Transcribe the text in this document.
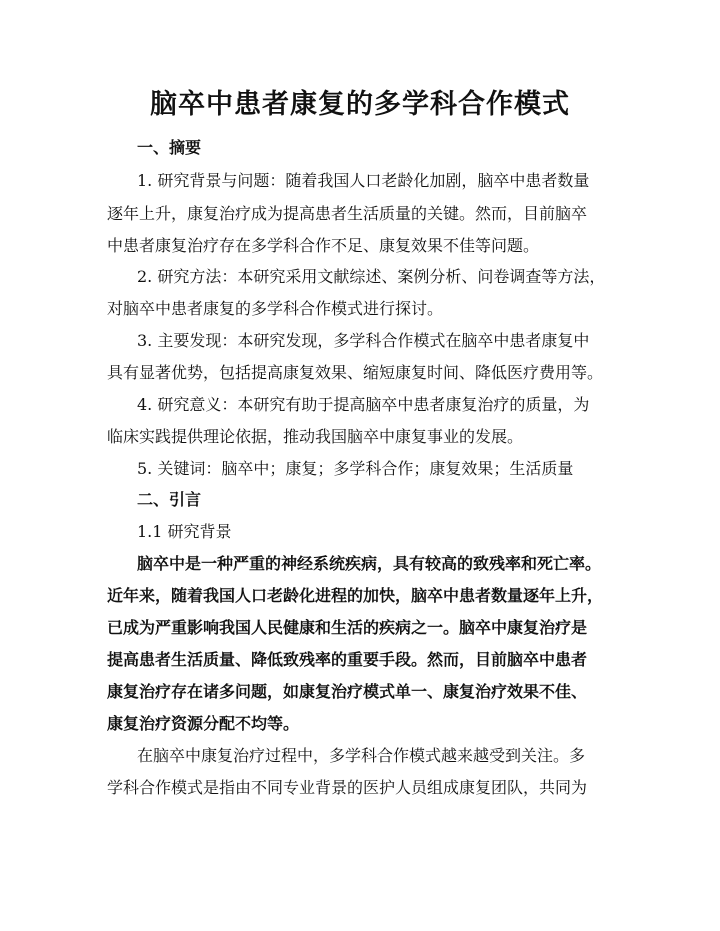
脑卒中患者康复的多学科合作模式
一、摘要
1. 研究背景与问题：随着我国人口老龄化加剧，脑卒中患者数量
逐年上升，康复治疗成为提高患者生活质量的关键。然而，目前脑卒
中患者康复治疗存在多学科合作不足、康复效果不佳等问题。
2. 研究方法：本研究采用文献综述、案例分析、问卷调查等方法，
对脑卒中患者康复的多学科合作模式进行探讨。
3. 主要发现：本研究发现，多学科合作模式在脑卒中患者康复中
具有显著优势，包括提高康复效果、缩短康复时间、降低医疗费用等。
4. 研究意义：本研究有助于提高脑卒中患者康复治疗的质量，为
临床实践提供理论依据，推动我国脑卒中康复事业的发展。
5. 关键词：脑卒中；康复；多学科合作；康复效果；生活质量
二、引言
1.1 研究背景
脑卒中是一种严重的神经系统疾病，具有较高的致残率和死亡率。
近年来，随着我国人口老龄化进程的加快，脑卒中患者数量逐年上升，
已成为严重影响我国人民健康和生活的疾病之一。脑卒中康复治疗是
提高患者生活质量、降低致残率的重要手段。然而，目前脑卒中患者
康复治疗存在诸多问题，如康复治疗模式单一、康复治疗效果不佳、
康复治疗资源分配不均等。
在脑卒中康复治疗过程中，多学科合作模式越来越受到关注。多
学科合作模式是指由不同专业背景的医护人员组成康复团队，共同为
